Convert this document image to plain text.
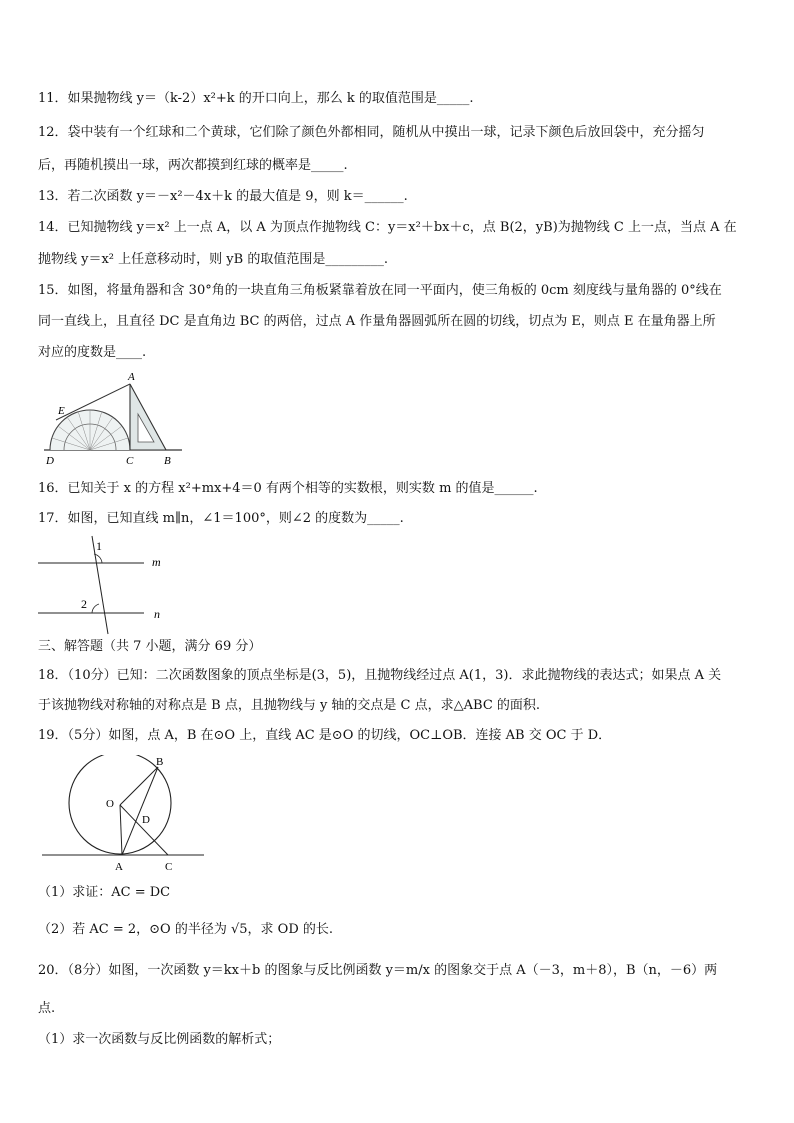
11．如果抛物线 y＝（k-2）x²+k 的开口向上，那么 k 的取值范围是_____.
12．袋中装有一个红球和二个黄球，它们除了颜色外都相同，随机从中摸出一球，记录下颜色后放回袋中，充分摇匀
后，再随机摸出一球，两次都摸到红球的概率是_____.
13．若二次函数 y＝－x²－4x＋k 的最大值是 9，则 k＝______.
14．已知抛物线 y＝x² 上一点 A，以 A 为顶点作抛物线 C：y＝x²＋bx＋c，点 B(2，yB)为抛物线 C 上一点，当点 A 在
抛物线 y＝x² 上任意移动时，则 yB 的取值范围是_________.
15．如图，将量角器和含 30°角的一块直角三角板紧靠着放在同一平面内，使三角板的 0cm 刻度线与量角器的 0°线在
同一直线上，且直径 DC 是直角边 BC 的两倍，过点 A 作量角器圆弧所在圆的切线，切点为 E，则点 E 在量角器上所
对应的度数是____.
A
E
D	C	B
16．已知关于 x 的方程 x²+mx+4＝0 有两个相等的实数根，则实数 m 的值是______.
17．如图，已知直线 m∥n，∠1＝100°，则∠2 的度数为_____.
1
2
m
n
三、解答题（共 7 小题，满分 69 分）
18．（10分）已知：二次函数图象的顶点坐标是(3，5)，且抛物线经过点 A(1，3)．求此抛物线的表达式；如果点 A 关
于该抛物线对称轴的对称点是 B 点，且抛物线与 y 轴的交点是 C 点，求△ABC 的面积.
19．（5分）如图，点 A，B 在⊙O 上，直线 AC 是⊙O 的切线，OC⊥OB．连接 AB 交 OC 于 D．
O
B
D
A	C
（1）求证：AC = DC
（2）若 AC = 2，⊙O 的半径为 √5，求 OD 的长.
20．（8分）如图，一次函数 y＝kx＋b 的图象与反比例函数 y＝m/x 的图象交于点 A（－3，m＋8），B（n，－6）两
点.
（1）求一次函数与反比例函数的解析式；
